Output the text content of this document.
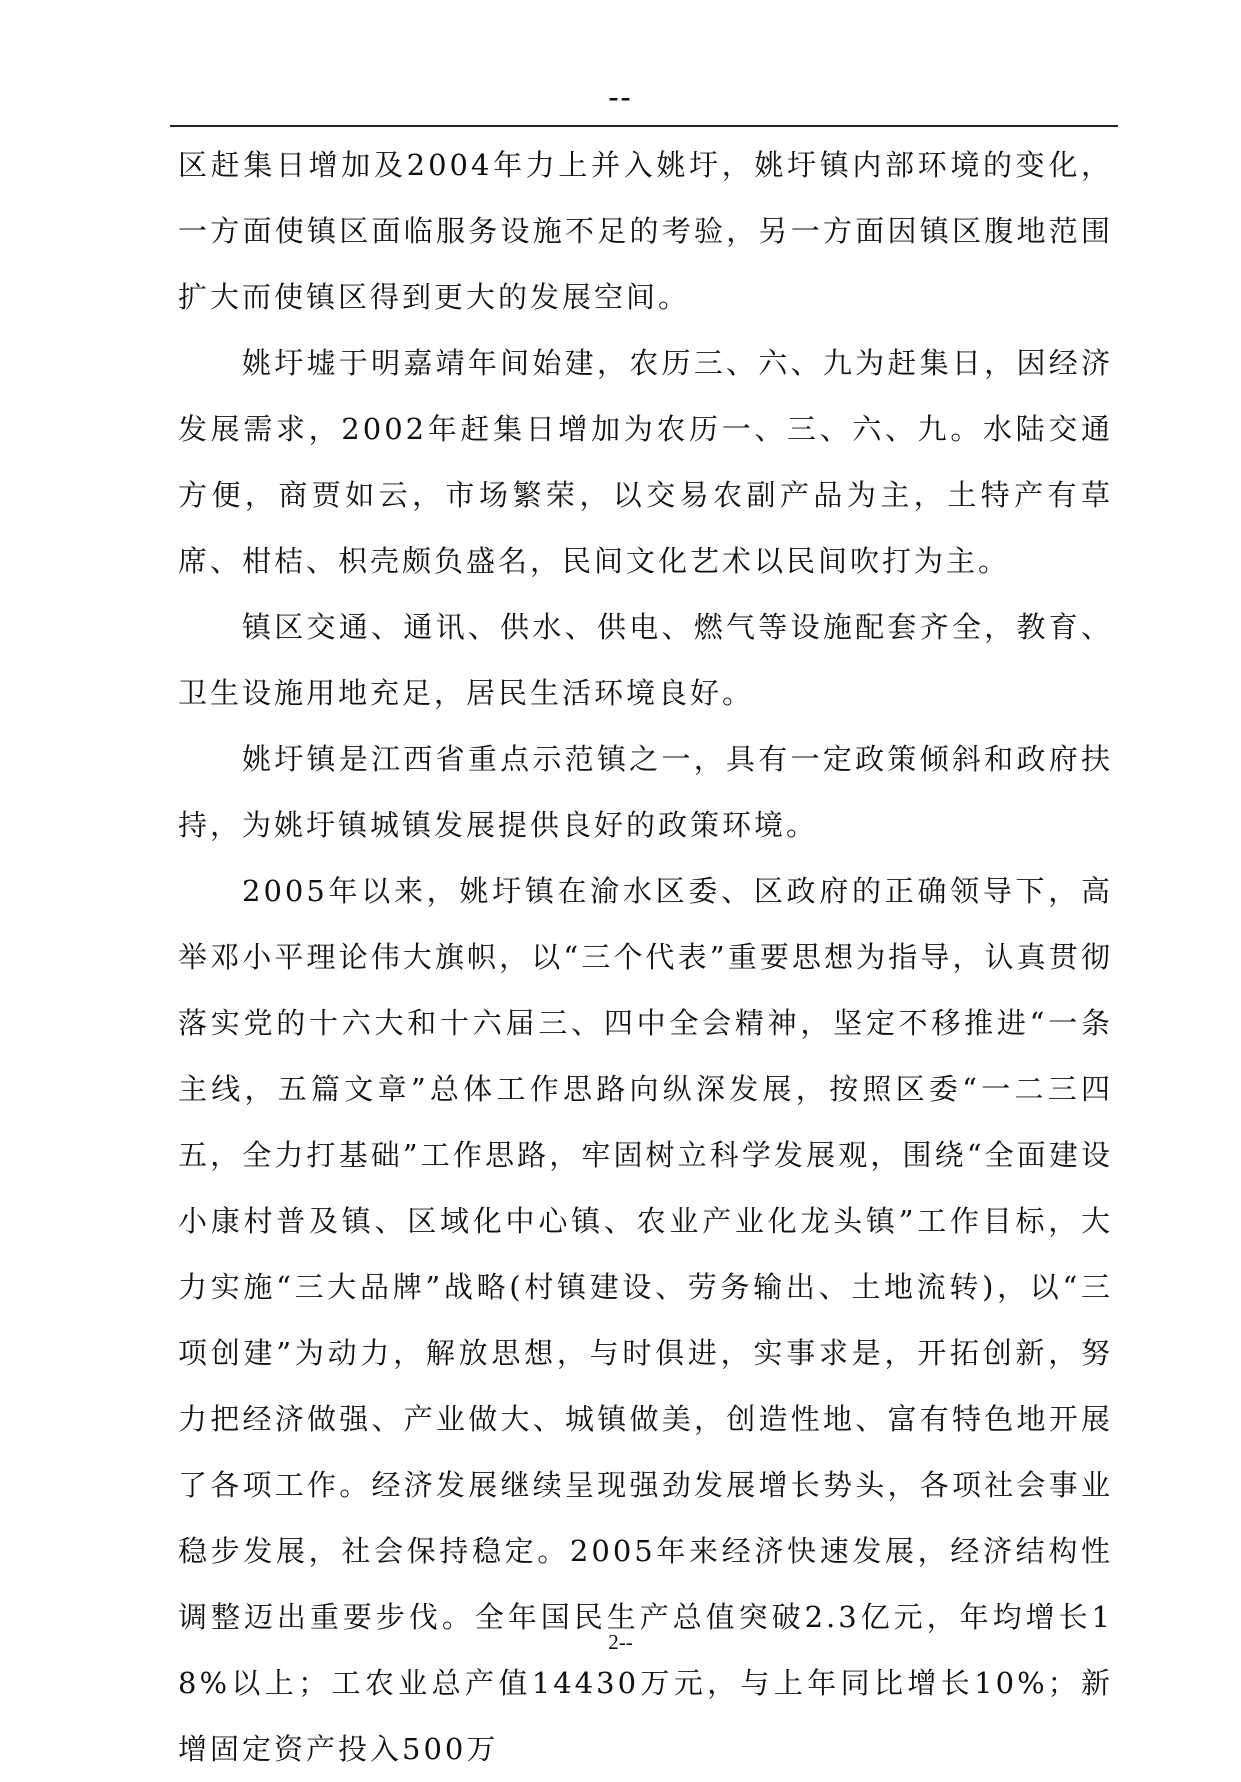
--

区赶集日增加及2004年力上并入姚圩，姚圩镇内部环境的变化，一方面使镇区面临服务设施不足的考验，另一方面因镇区腹地范围扩大而使镇区得到更大的发展空间。

姚圩墟于明嘉靖年间始建，农历三、六、九为赶集日，因经济发展需求，2002年赶集日增加为农历一、三、六、九。水陆交通方便，商贾如云，市场繁荣，以交易农副产品为主，土特产有草席、柑桔、枳壳颇负盛名，民间文化艺术以民间吹打为主。

镇区交通、通讯、供水、供电、燃气等设施配套齐全，教育、卫生设施用地充足，居民生活环境良好。

姚圩镇是江西省重点示范镇之一，具有一定政策倾斜和政府扶持，为姚圩镇城镇发展提供良好的政策环境。

2005年以来，姚圩镇在渝水区委、区政府的正确领导下，高举邓小平理论伟大旗帜，以“三个代表”重要思想为指导，认真贯彻落实党的十六大和十六届三、四中全会精神，坚定不移推进“一条主线，五篇文章”总体工作思路向纵深发展，按照区委“一二三四五，全力打基础”工作思路，牢固树立科学发展观，围绕“全面建设小康村普及镇、区域化中心镇、农业产业化龙头镇”工作目标，大力实施“三大品牌”战略(村镇建设、劳务输出、土地流转)，以“三项创建”为动力，解放思想，与时俱进，实事求是，开拓创新，努力把经济做强、产业做大、城镇做美，创造性地、富有特色地开展了各项工作。经济发展继续呈现强劲发展增长势头，各项社会事业稳步发展，社会保持稳定。2005年来经济快速发展，经济结构性调整迈出重要步伐。全年国民生产总值突破2.3亿元，年均增长18%以上；工农业总产值14430万元，与上年同比增长10%；新增固定资产投入500万

2--
